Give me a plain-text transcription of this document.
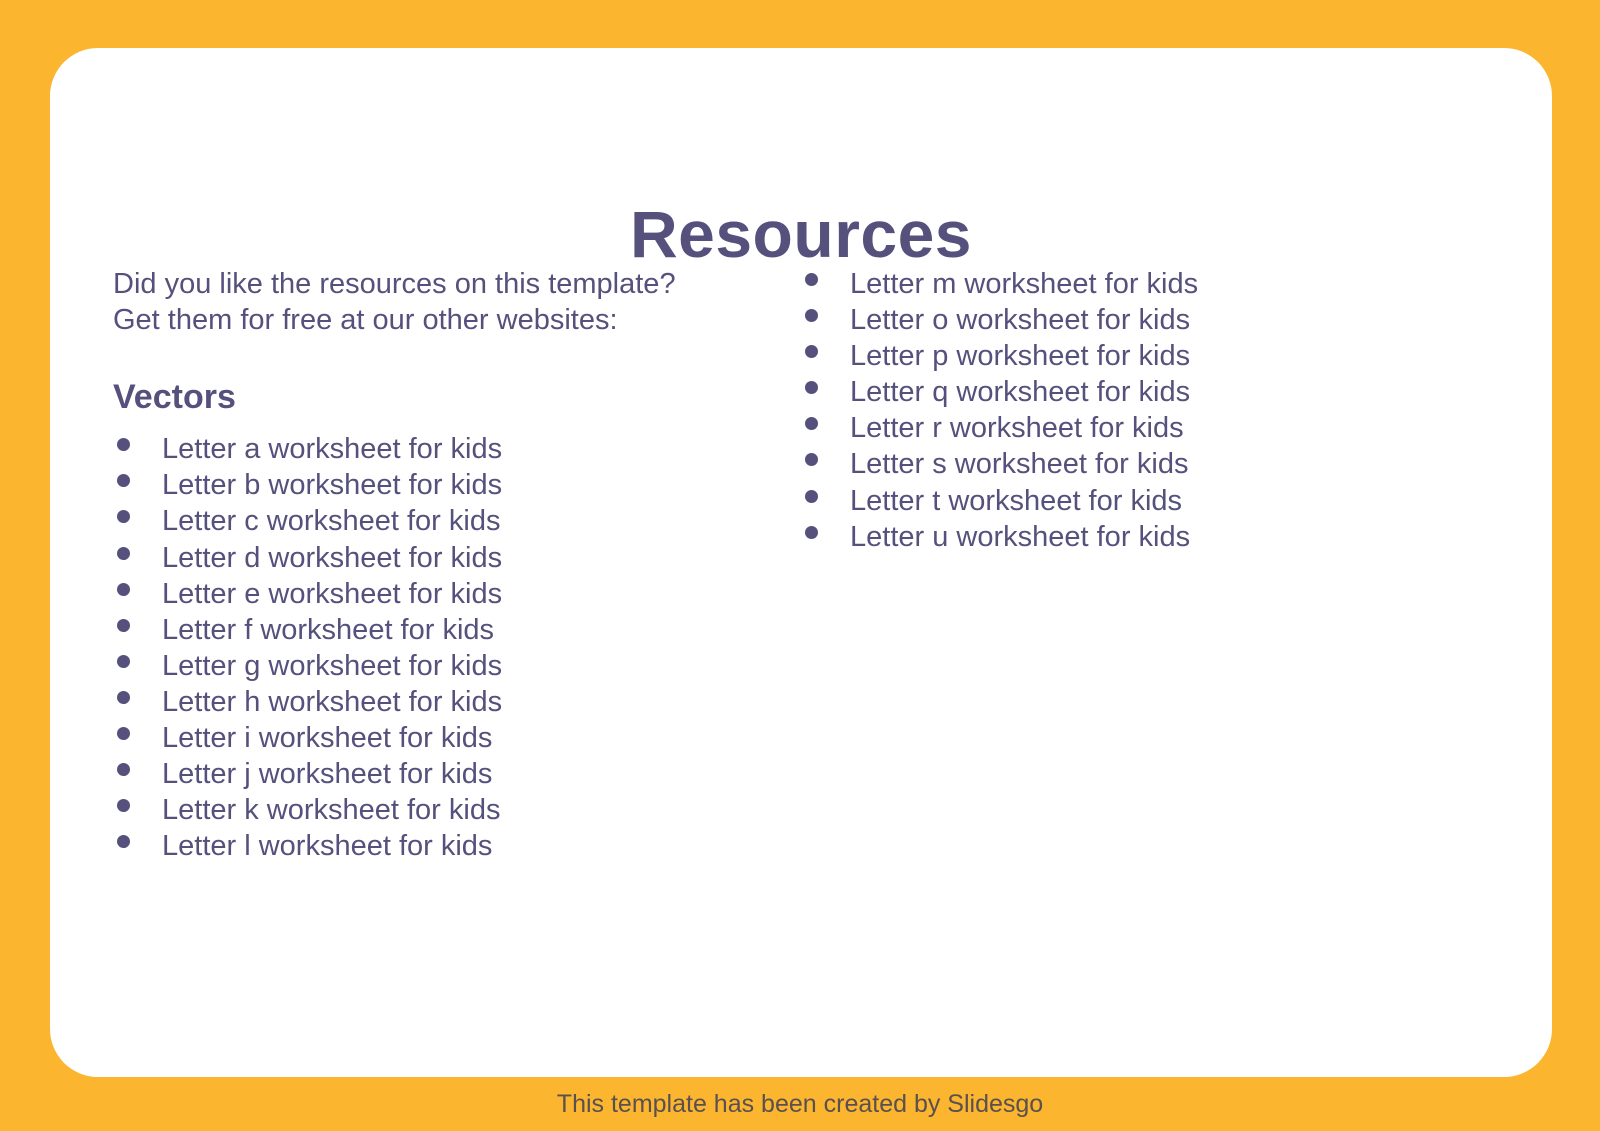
Resources

Did you like the resources on this template?
Get them for free at our other websites:

Vectors
Letter a worksheet for kids
Letter b worksheet for kids
Letter c worksheet for kids
Letter d worksheet for kids
Letter e worksheet for kids
Letter f worksheet for kids
Letter g worksheet for kids
Letter h worksheet for kids
Letter i worksheet for kids
Letter j worksheet for kids
Letter k worksheet for kids
Letter l worksheet for kids
Letter m worksheet for kids
Letter o worksheet for kids
Letter p worksheet for kids
Letter q worksheet for kids
Letter r worksheet for kids
Letter s worksheet for kids
Letter t worksheet for kids
Letter u worksheet for kids
This template has been created by Slidesgo
